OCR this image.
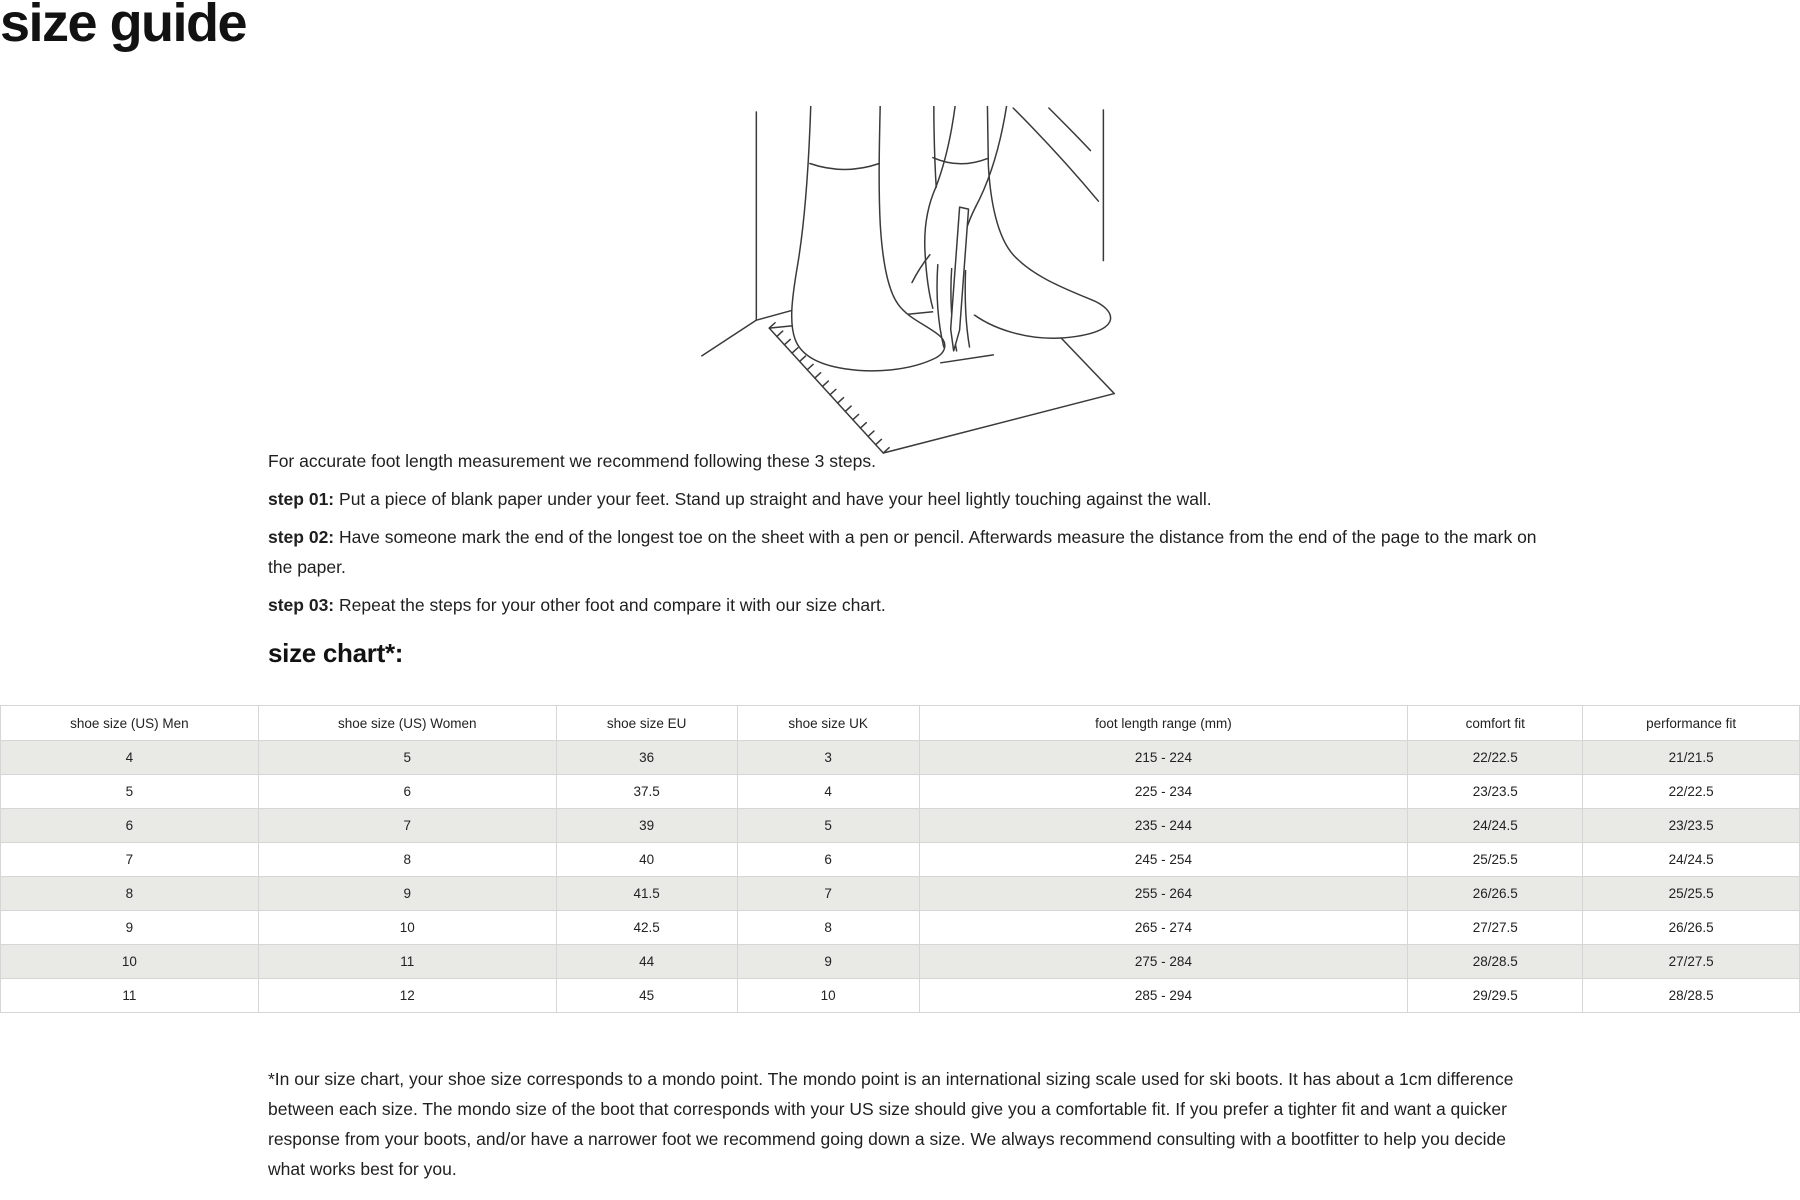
size guide

For accurate foot length measurement we recommend following these 3 steps.

step 01: Put a piece of blank paper under your feet. Stand up straight and have your heel lightly touching against the wall.

step 02: Have someone mark the end of the longest toe on the sheet with a pen or pencil. Afterwards measure the distance from the end of the page to the mark on the paper.

step 03: Repeat the steps for your other foot and compare it with our size chart.

size chart*:
shoe size (US) Men	shoe size (US) Women	shoe size EU	shoe size UK	foot length range (mm)	comfort fit	performance fit
4	5	36	3	215 - 224	22/22.5	21/21.5
5	6	37.5	4	225 - 234	23/23.5	22/22.5
6	7	39	5	235 - 244	24/24.5	23/23.5
7	8	40	6	245 - 254	25/25.5	24/24.5
8	9	41.5	7	255 - 264	26/26.5	25/25.5
9	10	42.5	8	265 - 274	27/27.5	26/26.5
10	11	44	9	275 - 284	28/28.5	27/27.5
11	12	45	10	285 - 294	29/29.5	28/28.5

*In our size chart, your shoe size corresponds to a mondo point. The mondo point is an international sizing scale used for ski boots. It has about a 1cm difference between each size. The mondo size of the boot that corresponds with your US size should give you a comfortable fit. If you prefer a tighter fit and want a quicker response from your boots, and/or have a narrower foot we recommend going down a size. We always recommend consulting with a bootfitter to help you decide what works best for you.
